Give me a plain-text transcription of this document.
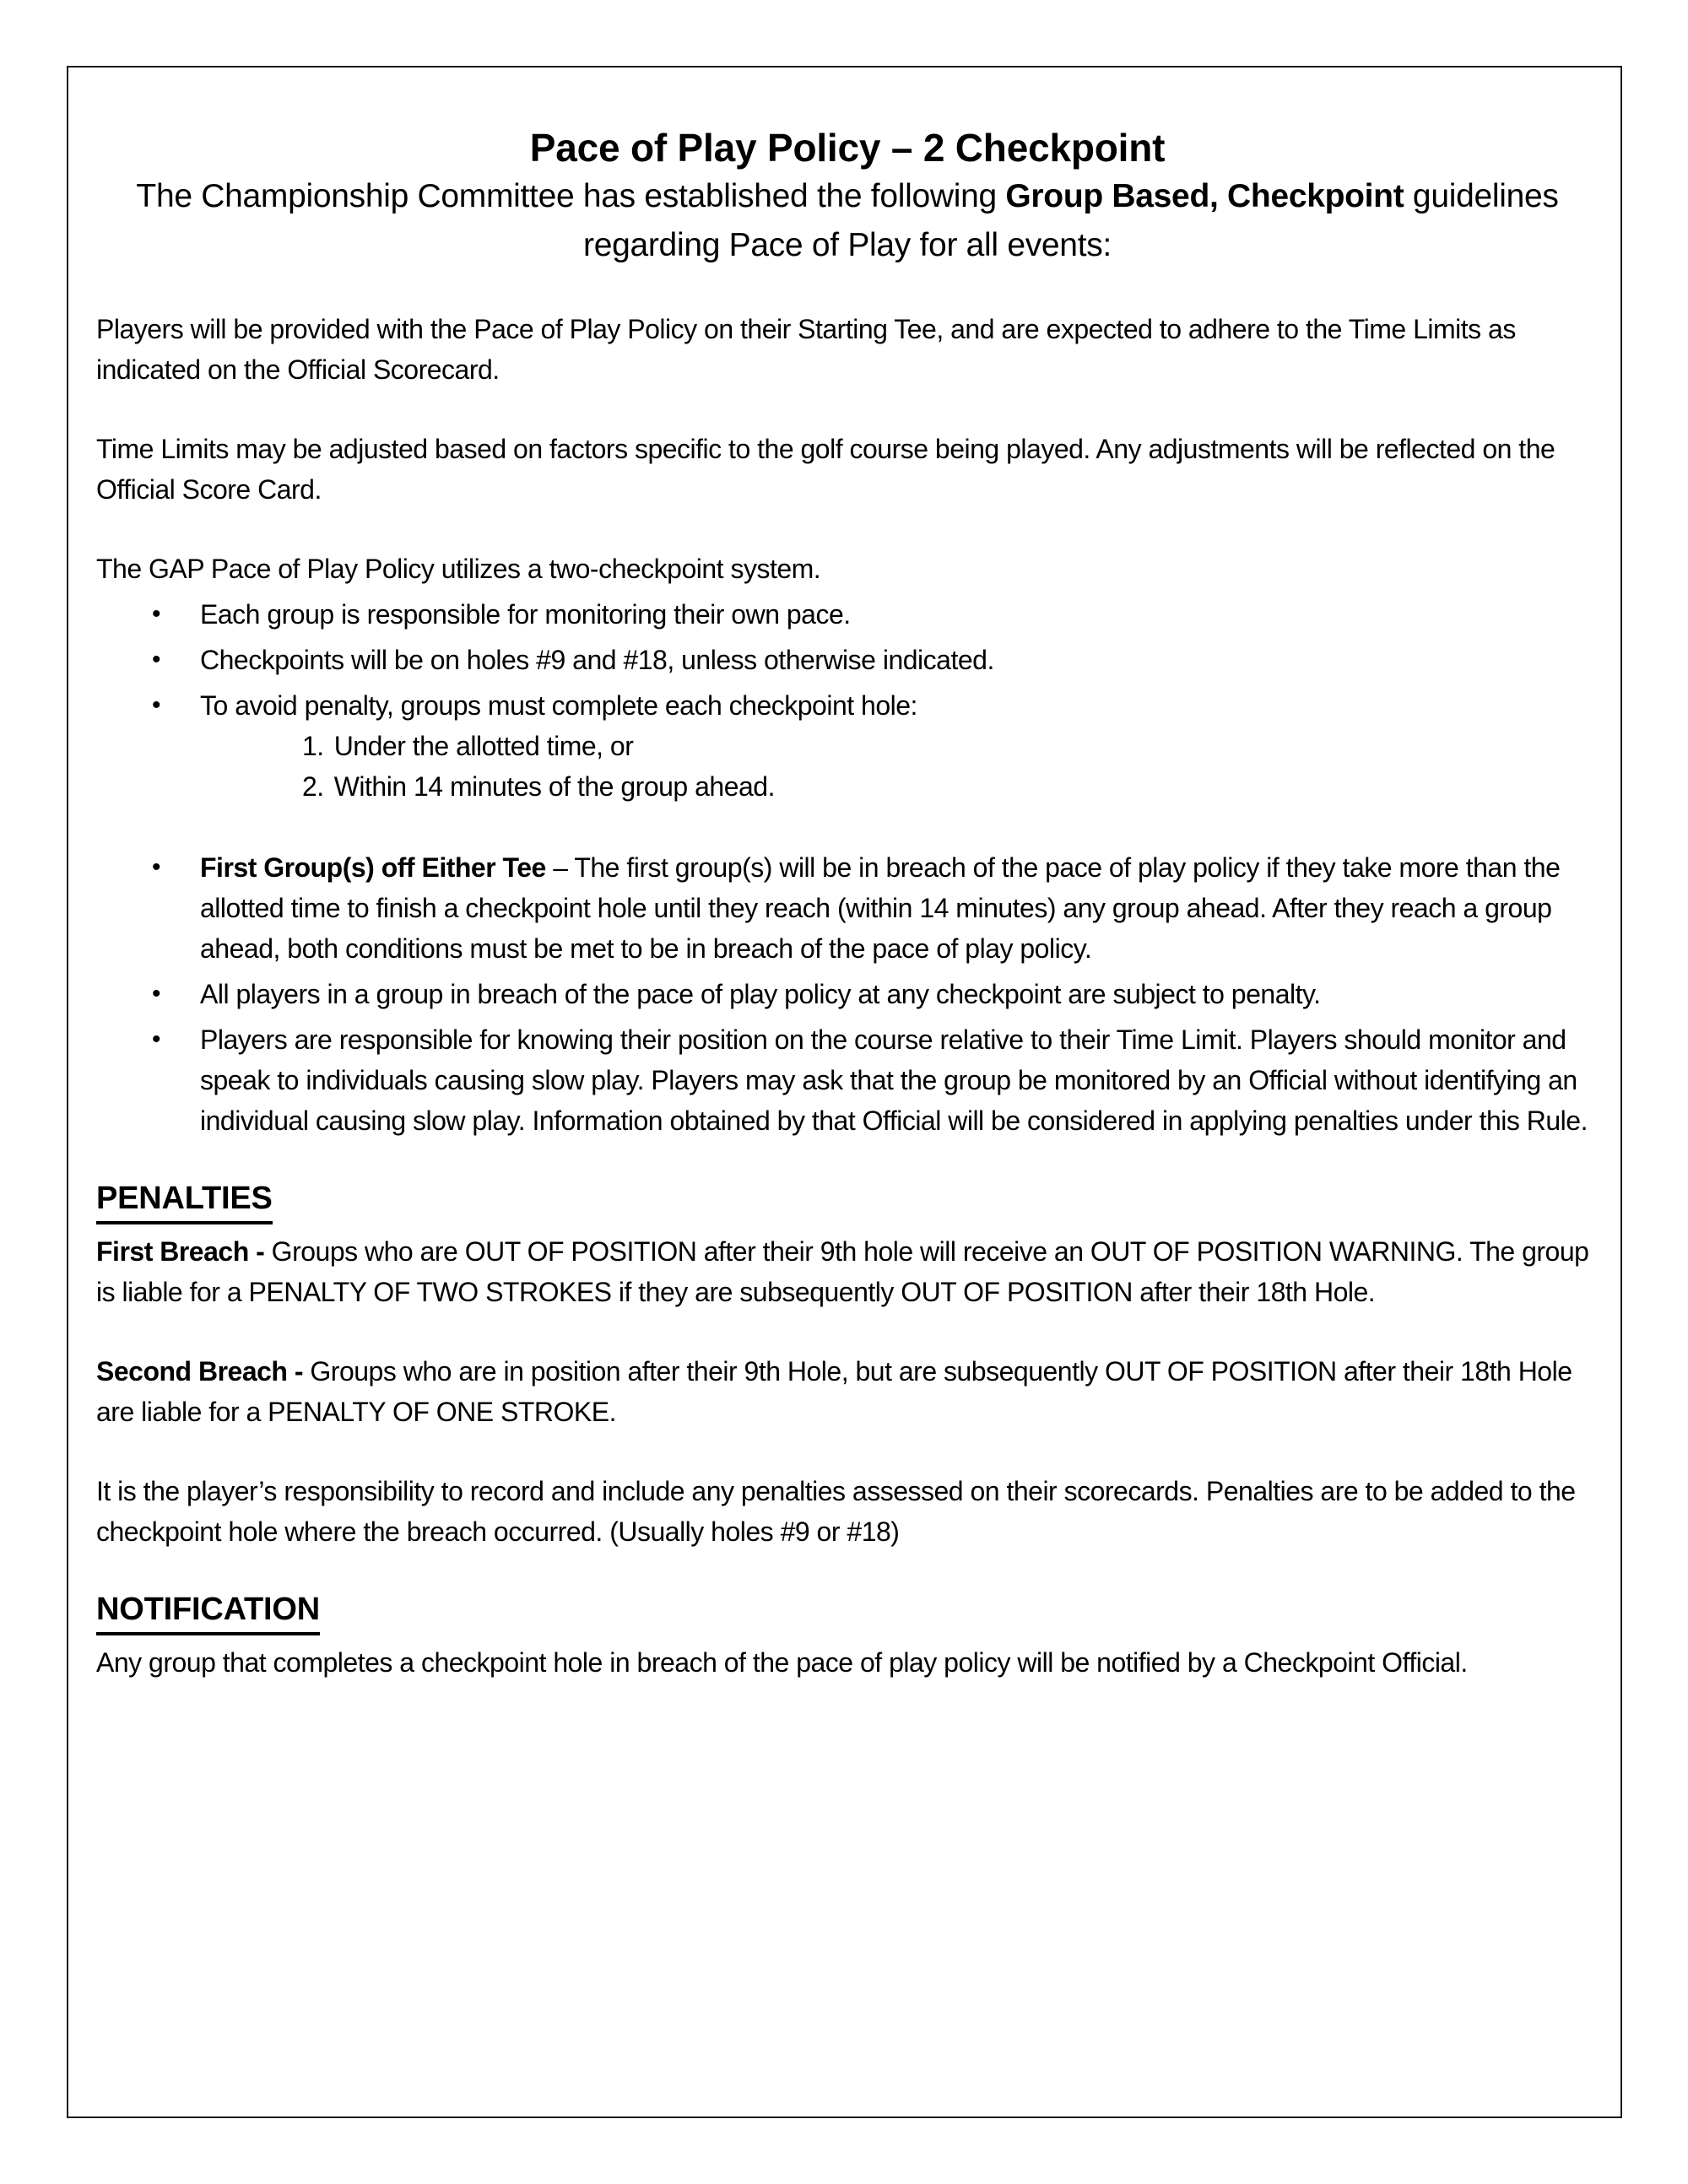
Pace of Play Policy – 2 Checkpoint
The Championship Committee has established the following Group Based, Checkpoint guidelines regarding Pace of Play for all events:
Players will be provided with the Pace of Play Policy on their Starting Tee, and are expected to adhere to the Time Limits as indicated on the Official Scorecard.
Time Limits may be adjusted based on factors specific to the golf course being played. Any adjustments will be reflected on the Official Score Card.
The GAP Pace of Play Policy utilizes a two-checkpoint system.
• Each group is responsible for monitoring their own pace.
• Checkpoints will be on holes #9 and #18, unless otherwise indicated.
• To avoid penalty, groups must complete each checkpoint hole:
1. Under the allotted time, or
2. Within 14 minutes of the group ahead.
• First Group(s) off Either Tee – The first group(s) will be in breach of the pace of play policy if they take more than the allotted time to finish a checkpoint hole until they reach (within 14 minutes) any group ahead. After they reach a group ahead, both conditions must be met to be in breach of the pace of play policy.
• All players in a group in breach of the pace of play policy at any checkpoint are subject to penalty.
• Players are responsible for knowing their position on the course relative to their Time Limit. Players should monitor and speak to individuals causing slow play. Players may ask that the group be monitored by an Official without identifying an individual causing slow play. Information obtained by that Official will be considered in applying penalties under this Rule.
PENALTIES
First Breach - Groups who are OUT OF POSITION after their 9th hole will receive an OUT OF POSITION WARNING. The group is liable for a PENALTY OF TWO STROKES if they are subsequently OUT OF POSITION after their 18th Hole.
Second Breach - Groups who are in position after their 9th Hole, but are subsequently OUT OF POSITION after their 18th Hole are liable for a PENALTY OF ONE STROKE.
It is the player’s responsibility to record and include any penalties assessed on their scorecards. Penalties are to be added to the checkpoint hole where the breach occurred. (Usually holes #9 or #18)
NOTIFICATION
Any group that completes a checkpoint hole in breach of the pace of play policy will be notified by a Checkpoint Official.
